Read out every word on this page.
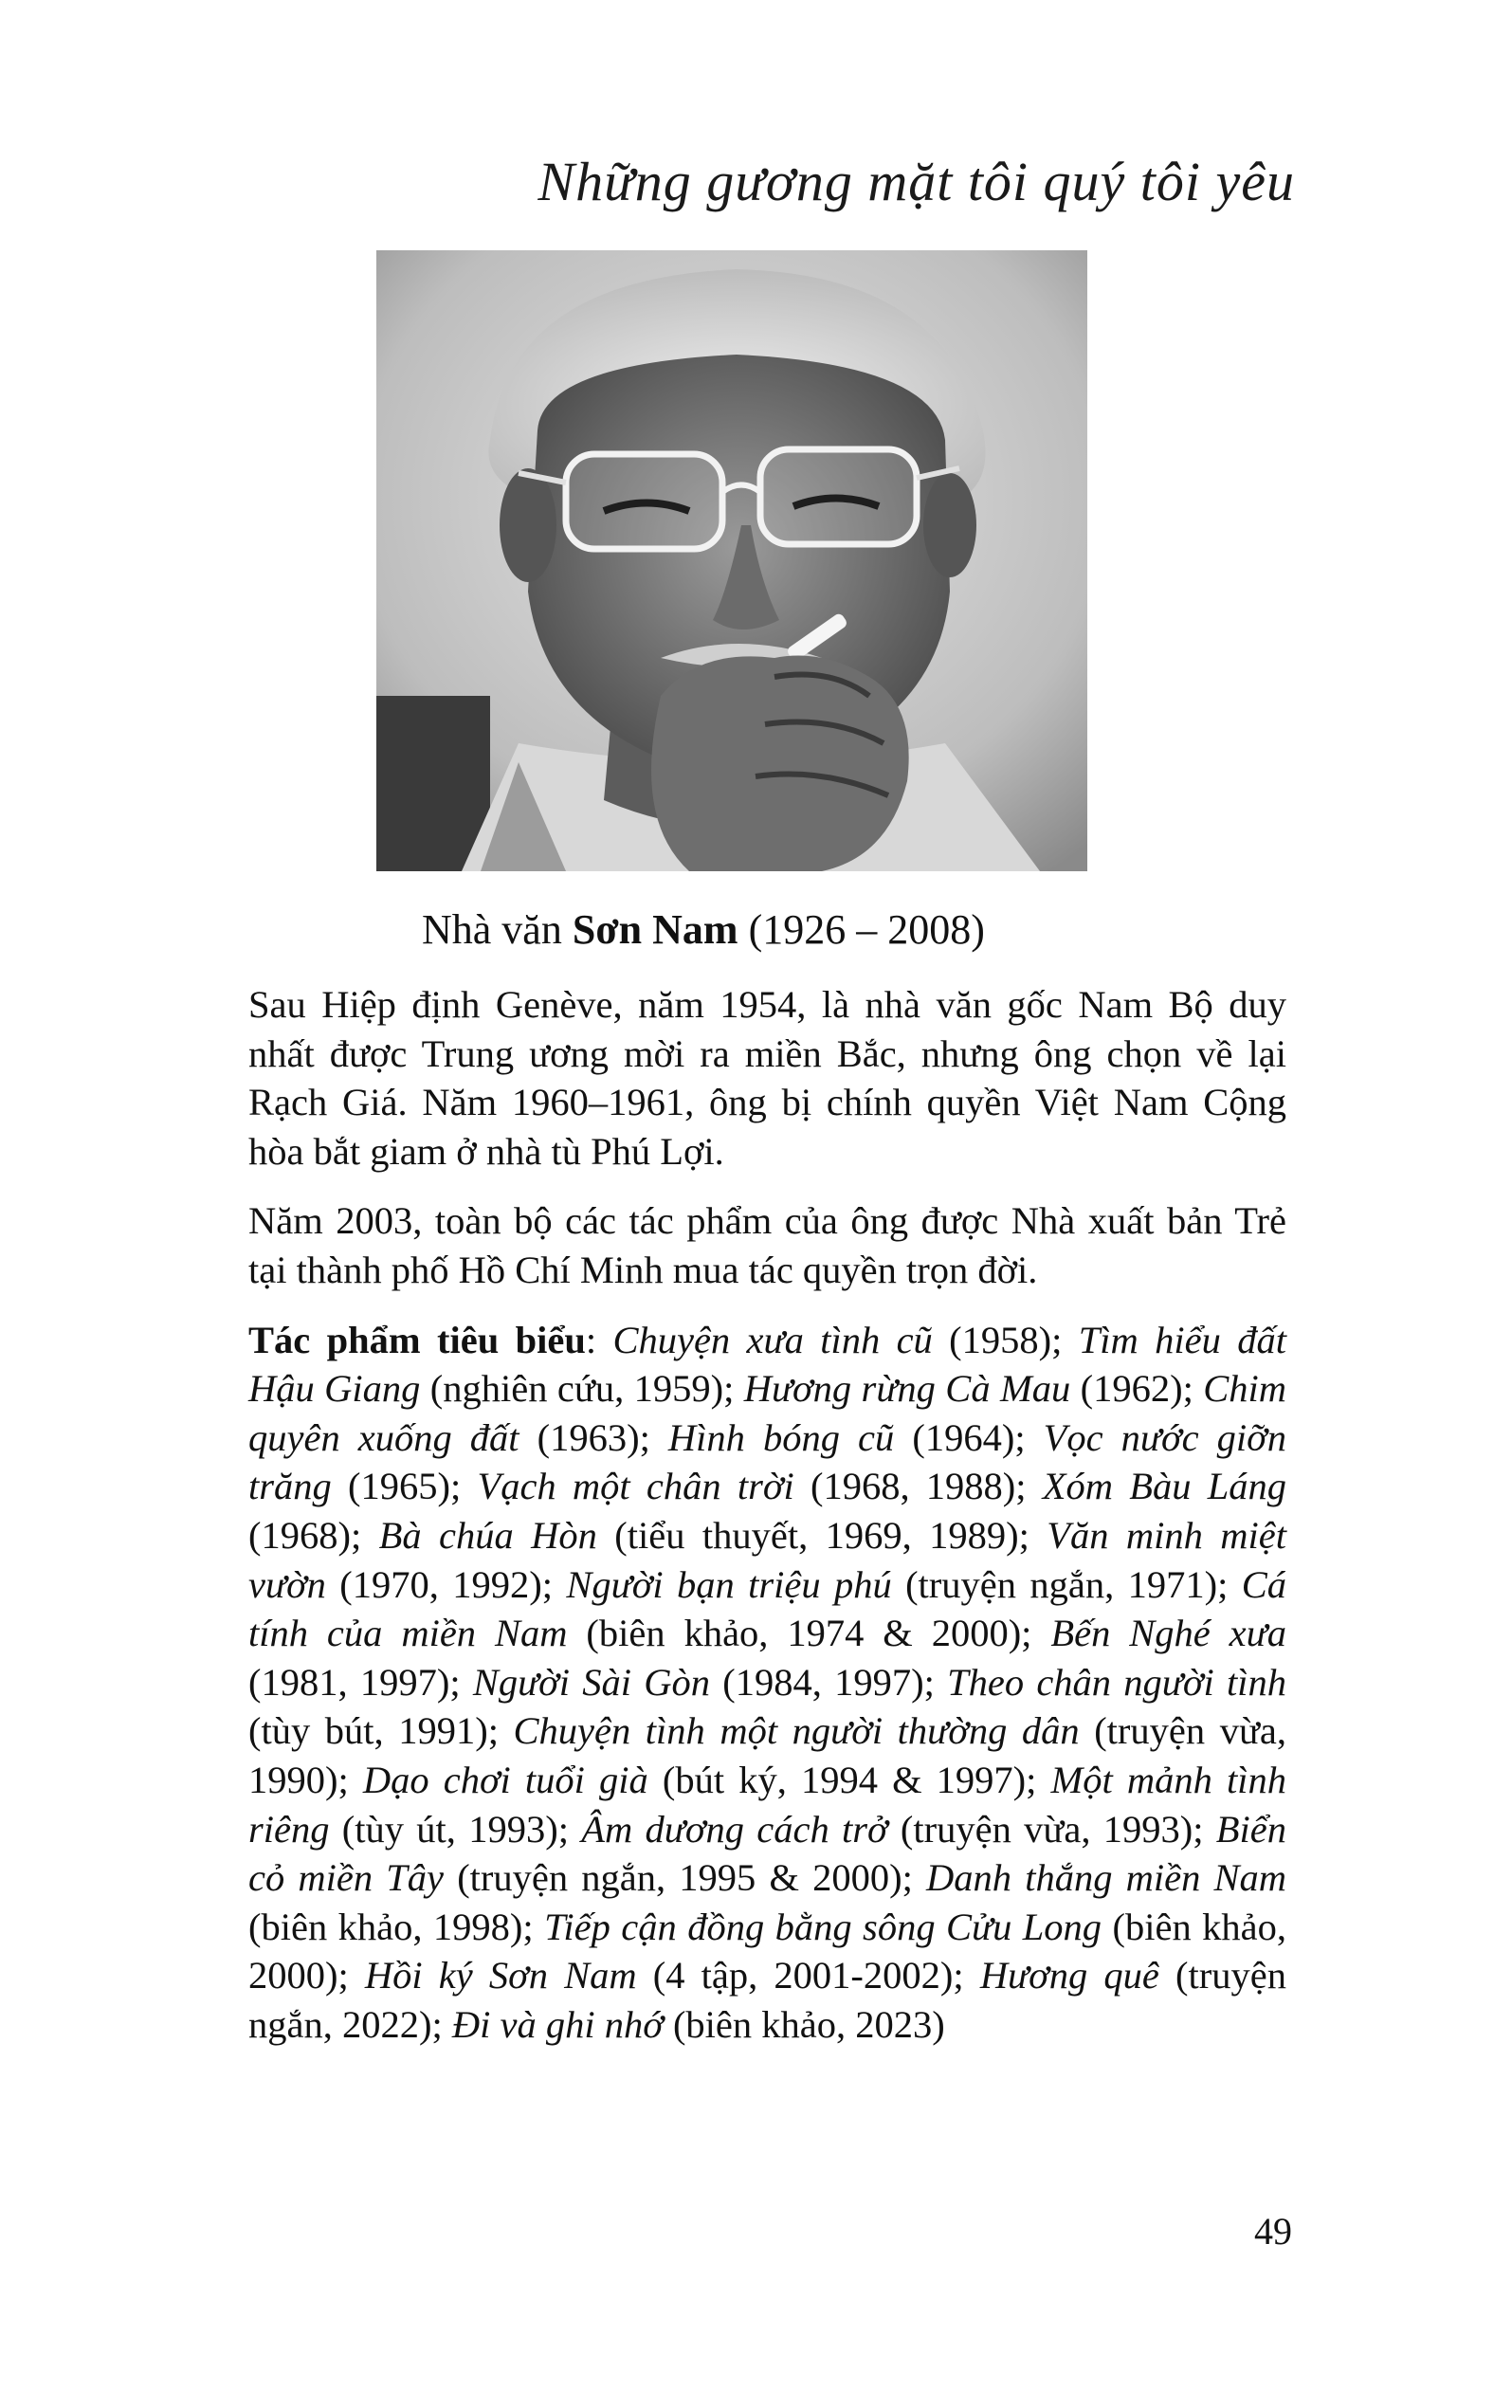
Những gương mặt tôi quý tôi yêu
Nhà văn Sơn Nam (1926 – 2008)

Sau Hiệp định Genève, năm 1954, là nhà văn gốc Nam Bộ duy nhất được Trung ương mời ra miền Bắc, nhưng ông chọn về lại Rạch Giá. Năm 1960–1961, ông bị chính quyền Việt Nam Cộng hòa bắt giam ở nhà tù Phú Lợi.

Năm 2003, toàn bộ các tác phẩm của ông được Nhà xuất bản Trẻ tại thành phố Hồ Chí Minh mua tác quyền trọn đời.

Tác phẩm tiêu biểu: Chuyện xưa tình cũ (1958); Tìm hiểu đất Hậu Giang (nghiên cứu, 1959); Hương rừng Cà Mau (1962); Chim quyên xuống đất (1963); Hình bóng cũ (1964); Vọc nước giỡn trăng (1965); Vạch một chân trời (1968, 1988); Xóm Bàu Láng (1968); Bà chúa Hòn (tiểu thuyết, 1969, 1989); Văn minh miệt vườn (1970, 1992); Người bạn triệu phú (truyện ngắn, 1971); Cá tính của miền Nam (biên khảo, 1974 & 2000); Bến Nghé xưa (1981, 1997); Người Sài Gòn (1984, 1997); Theo chân người tình (tùy bút, 1991); Chuyện tình một người thường dân (truyện vừa, 1990); Dạo chơi tuổi già (bút ký, 1994 & 1997); Một mảnh tình riêng (tùy út, 1993); Âm dương cách trở (truyện vừa, 1993); Biển cỏ miền Tây (truyện ngắn, 1995 & 2000); Danh thắng miền Nam (biên khảo, 1998); Tiếp cận đồng bằng sông Cửu Long (biên khảo, 2000); Hồi ký Sơn Nam (4 tập, 2001-2002); Hương quê (truyện ngắn, 2022); Đi và ghi nhớ (biên khảo, 2023)

49
